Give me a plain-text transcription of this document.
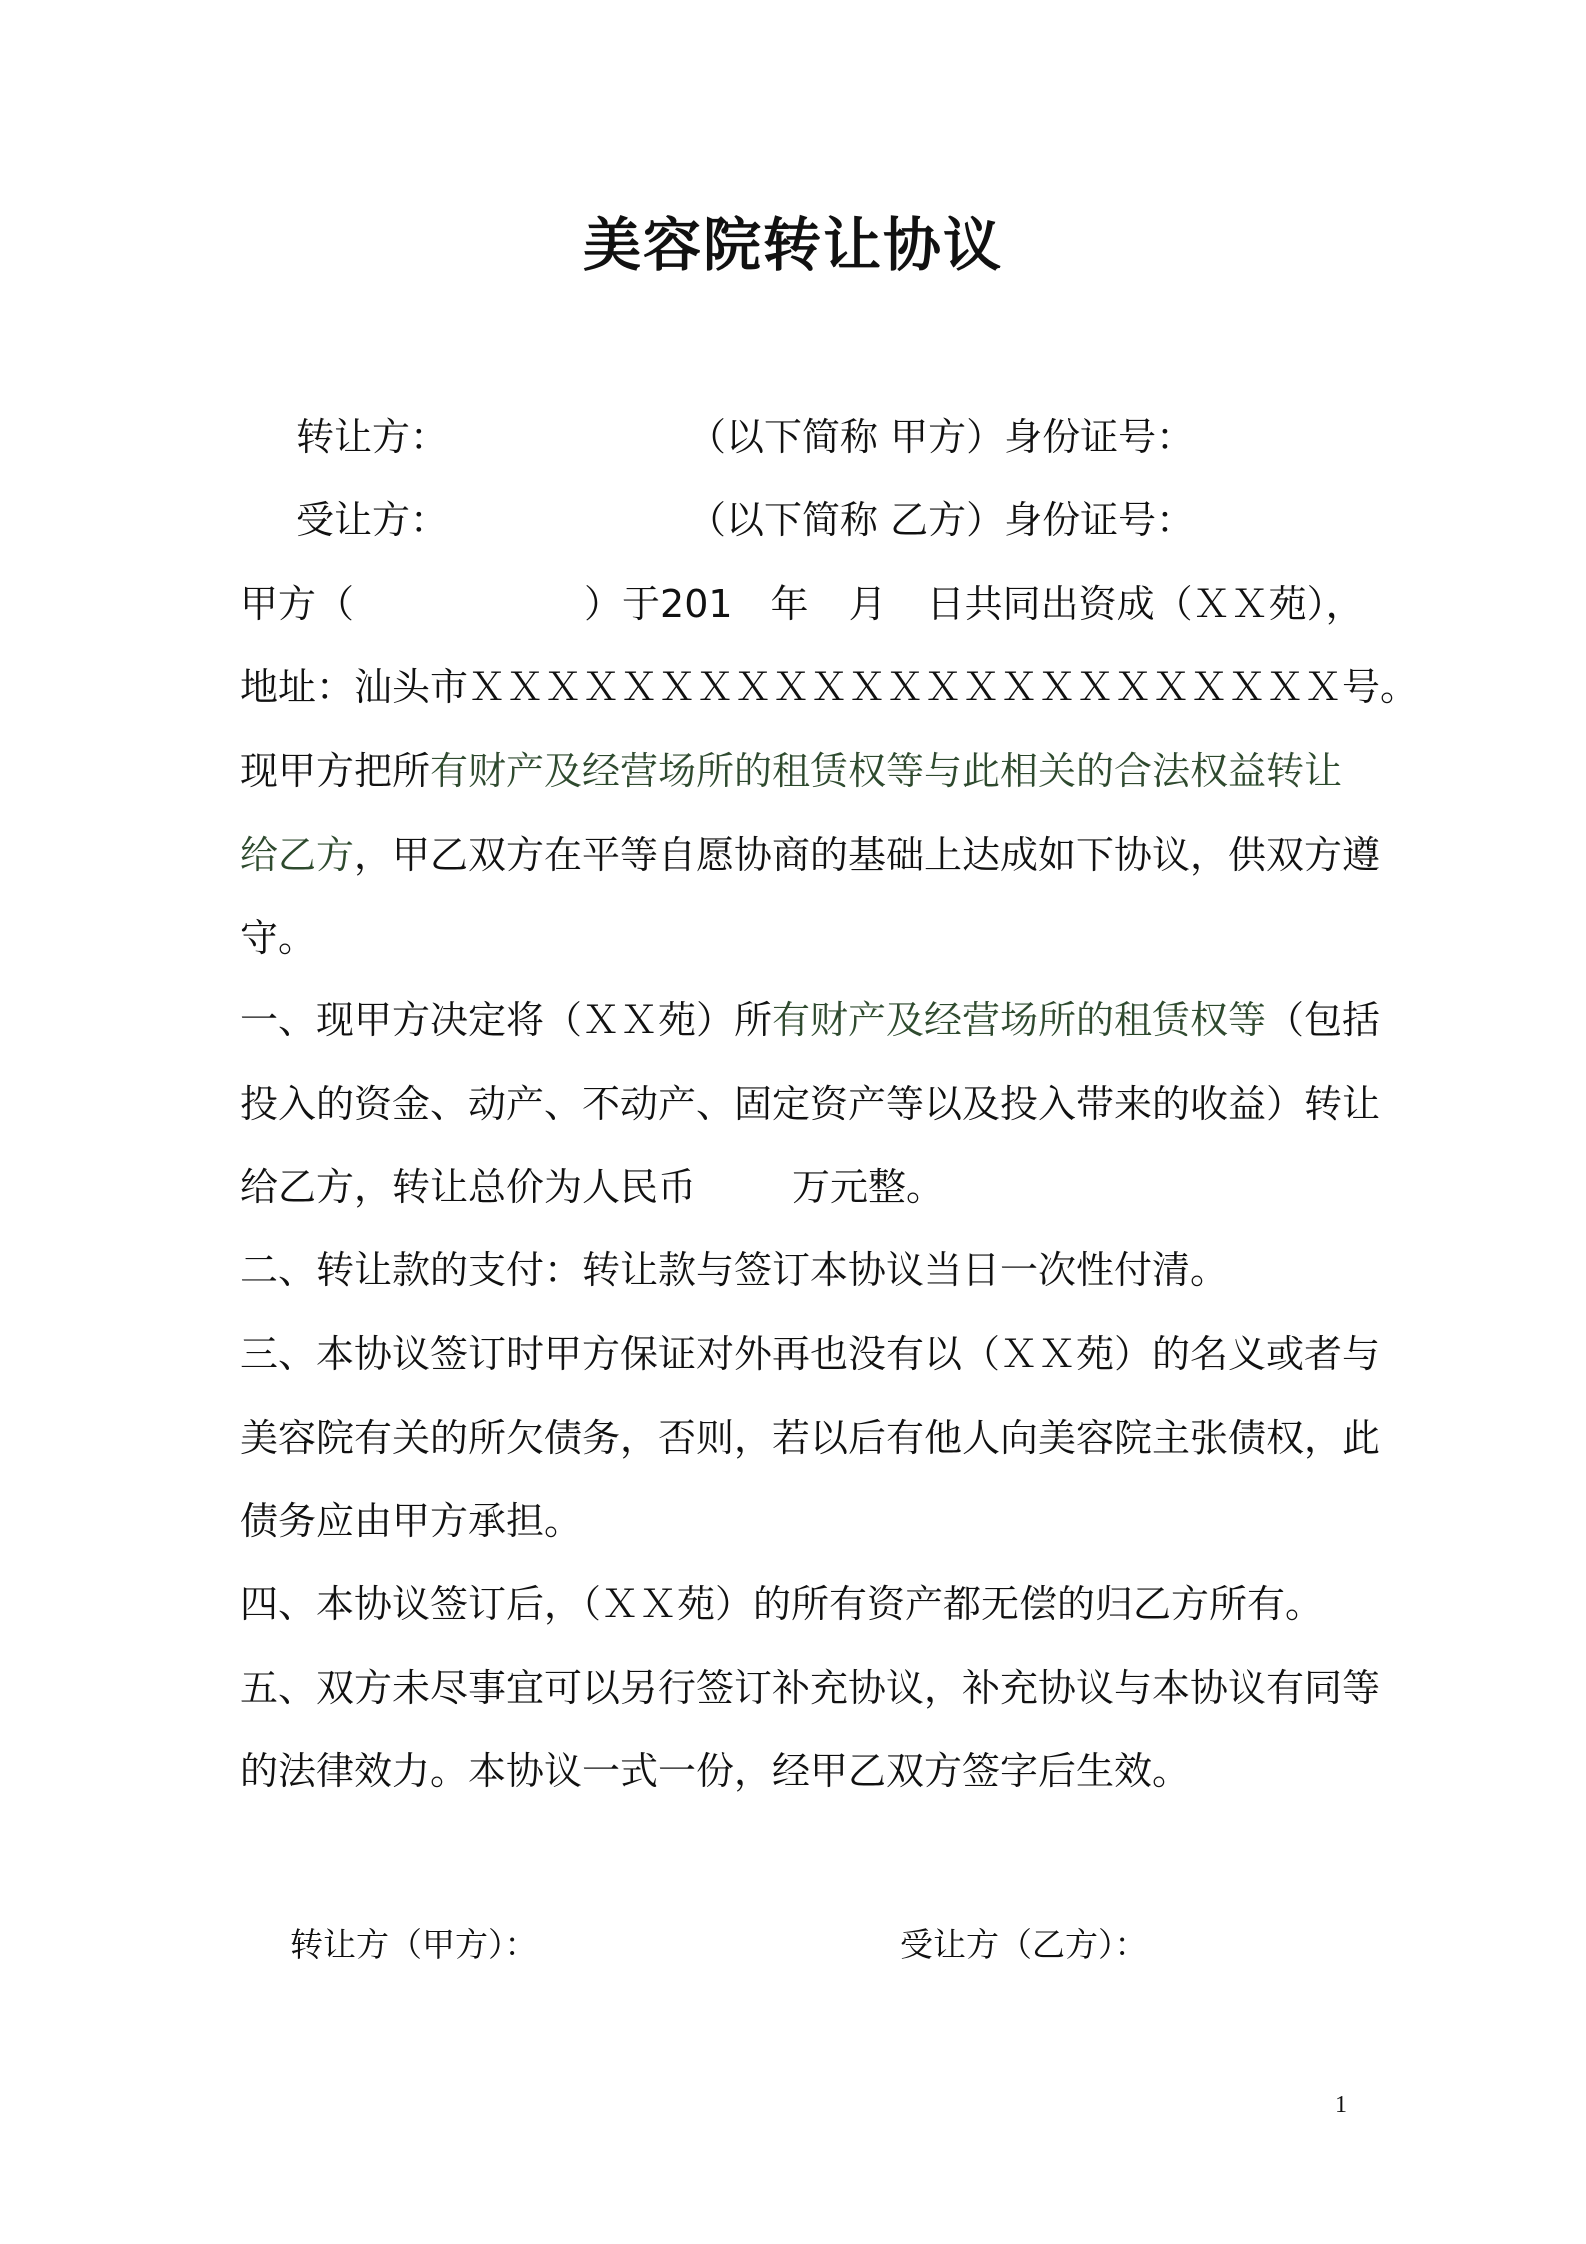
美容院转让协议
转让方：	（以下简称 甲方）身份证号：
受让方：	（以下简称 乙方）身份证号：
甲方（	）于201 年 月 日共同出资成（ＸＸ苑），
地址：汕头市ＸＸＸＸＸＸＸＸＸＸＸＸＸＸＸＸＸＸＸＸＸＸＸ号。
现甲方把所有财产及经营场所的租赁权等与此相关的合法权益转让
给乙方，甲乙双方在平等自愿协商的基础上达成如下协议，供双方遵
守。
一、现甲方决定将（ＸＸ苑）所有财产及经营场所的租赁权等（包括
投入的资金、动产、不动产、固定资产等以及投入带来的收益）转让
给乙方，转让总价为人民币	万元整。
二、转让款的支付：转让款与签订本协议当日一次性付清。
三、本协议签订时甲方保证对外再也没有以（ＸＸ苑）的名义或者与
美容院有关的所欠债务，否则，若以后有他人向美容院主张债权，此
债务应由甲方承担。
四、本协议签订后，（ＸＸ苑）的所有资产都无偿的归乙方所有。
五、双方未尽事宜可以另行签订补充协议，补充协议与本协议有同等
的法律效力。本协议一式一份，经甲乙双方签字后生效。
转让方（甲方）：	受让方（乙方）：
1
